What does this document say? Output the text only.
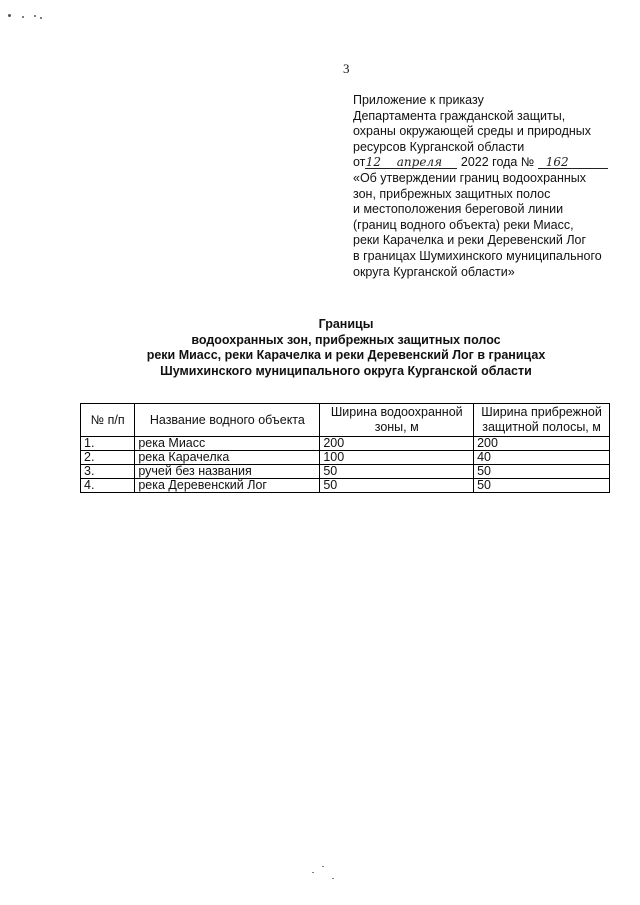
3
Приложение к приказу
Департамента гражданской защиты,
охраны окружающей среды и природных
ресурсов Курганской области
от12 апреля 2022 года № 162
«Об утверждении границ водоохранных
зон, прибрежных защитных полос
и местоположения береговой линии
(границ водного объекта) реки Миасс,
реки Карачелка и реки Деревенский Лог
в границах Шумихинского муниципального
округа Курганской области»
Границы
водоохранных зон, прибрежных защитных полос
реки Миасс, реки Карачелка и реки Деревенский Лог в границах
Шумихинского муниципального округа Курганской области
№ п/п	Название водного объекта	Ширина водоохранной зоны, м	Ширина прибрежной защитной полосы, м
1.	река Миасс	200	200
2.	река Карачелка	100	40
3.	ручей без названия	50	50
4.	река Деревенский Лог	50	50
